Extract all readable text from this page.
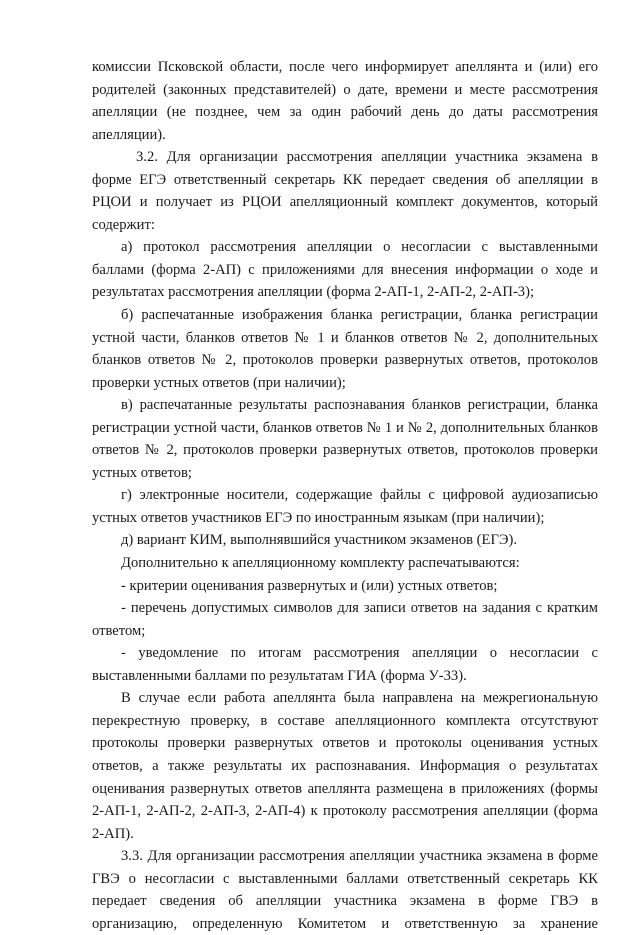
комиссии Псковской области, после чего информирует апеллянта и (или) его родителей (законных представителей) о дате, времени и месте рассмотрения апелляции (не позднее, чем за один рабочий день до даты рассмотрения апелляции).

3.2. Для организации рассмотрения апелляции участника экзамена в форме ЕГЭ ответственный секретарь КК передает сведения об апелляции в РЦОИ и получает из РЦОИ апелляционный комплект документов, который содержит:

а) протокол рассмотрения апелляции о несогласии с выставленными баллами (форма 2-АП) с приложениями для внесения информации о ходе и результатах рассмотрения апелляции (форма 2-АП-1, 2-АП-2, 2-АП-3);

б) распечатанные изображения бланка регистрации, бланка регистрации устной части, бланков ответов № 1 и бланков ответов № 2, дополнительных бланков ответов № 2, протоколов проверки развернутых ответов, протоколов проверки устных ответов (при наличии);

в) распечатанные результаты распознавания бланков регистрации, бланка регистрации устной части, бланков ответов № 1 и № 2, дополнительных бланков ответов № 2, протоколов проверки развернутых ответов, протоколов проверки устных ответов;

г) электронные носители, содержащие файлы с цифровой аудиозаписью устных ответов участников ЕГЭ по иностранным языкам (при наличии);

д) вариант КИМ, выполнявшийся участником экзаменов (ЕГЭ).

Дополнительно к апелляционному комплекту распечатываются:

- критерии оценивания развернутых и (или) устных ответов;

- перечень допустимых символов для записи ответов на задания с кратким ответом;

- уведомление по итогам рассмотрения апелляции о несогласии с выставленными баллами по результатам ГИА (форма У-33).

В случае если работа апеллянта была направлена на межрегиональную перекрестную проверку, в составе апелляционного комплекта отсутствуют протоколы проверки развернутых ответов и протоколы оценивания устных ответов, а также результаты их распознавания. Информация о результатах оценивания развернутых ответов апеллянта размещена в приложениях (формы 2-АП-1, 2-АП-2, 2-АП-3, 2-АП-4) к протоколу рассмотрения апелляции (форма 2-АП).

3.3. Для организации рассмотрения апелляции участника экзамена в форме ГВЭ о несогласии с выставленными баллами ответственный секретарь КК передает сведения об апелляции участника экзамена в форме ГВЭ в организацию, определенную Комитетом и ответственную за хранение
